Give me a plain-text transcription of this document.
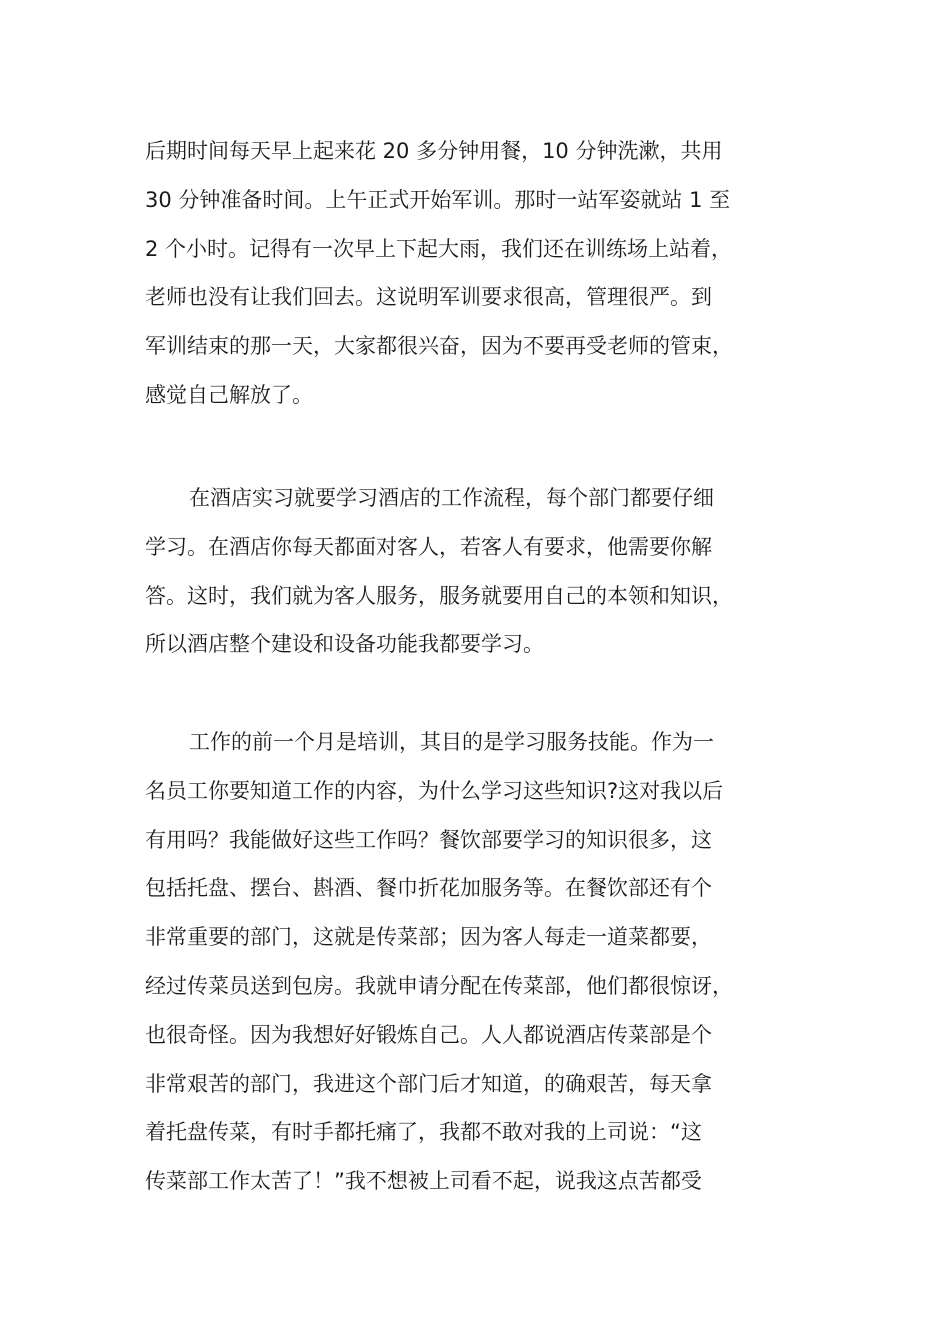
后期时间每天早上起来花 20 多分钟用餐，10 分钟洗漱，共用
30 分钟准备时间。上午正式开始军训。那时一站军姿就站 1 至
2 个小时。记得有一次早上下起大雨，我们还在训练场上站着，
老师也没有让我们回去。这说明军训要求很高，管理很严。到
军训结束的那一天，大家都很兴奋，因为不要再受老师的管束，
感觉自己解放了。
在酒店实习就要学习酒店的工作流程，每个部门都要仔细
学习。在酒店你每天都面对客人，若客人有要求，他需要你解
答。这时，我们就为客人服务，服务就要用自己的本领和知识，
所以酒店整个建设和设备功能我都要学习。
工作的前一个月是培训，其目的是学习服务技能。作为一
名员工你要知道工作的内容，为什么学习这些知识?这对我以后
有用吗？我能做好这些工作吗？餐饮部要学习的知识很多，这
包括托盘、摆台、斟酒、餐巾折花加服务等。在餐饮部还有个
非常重要的部门，这就是传菜部；因为客人每走一道菜都要，
经过传菜员送到包房。我就申请分配在传菜部，他们都很惊讶，
也很奇怪。因为我想好好锻炼自己。人人都说酒店传菜部是个
非常艰苦的部门，我进这个部门后才知道，的确艰苦，每天拿
着托盘传菜，有时手都托痛了，我都不敢对我的上司说：“这
传菜部工作太苦了！”我不想被上司看不起，说我这点苦都受
